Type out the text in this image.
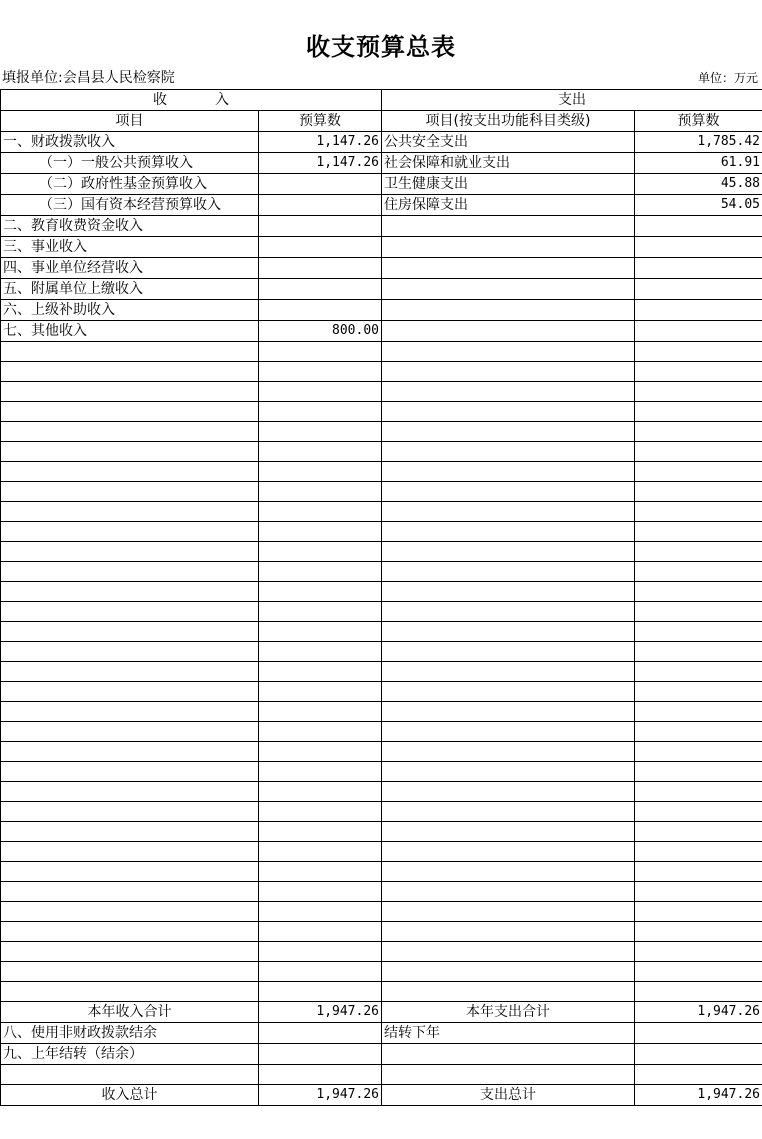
收支预算总表
填报单位:会昌县人民检察院	单位：万元
收 入		支出	
项目	预算数	项目(按支出功能科目类级)	预算数
一、财政拨款收入	1,147.26	公共安全支出	1,785.42
（一）一般公共预算收入	1,147.26	社会保障和就业支出	61.91
（二）政府性基金预算收入		卫生健康支出	45.88
（三）国有资本经营预算收入		住房保障支出	54.05
二、教育收费资金收入			
三、事业收入			
四、事业单位经营收入			
五、附属单位上缴收入			
六、上级补助收入			
七、其他收入	800.00		

本年收入合计	1,947.26	本年支出合计	1,947.26
八、使用非财政拨款结余		结转下年	
九、上年结转（结余）			

收入总计	1,947.26	支出总计	1,947.26
